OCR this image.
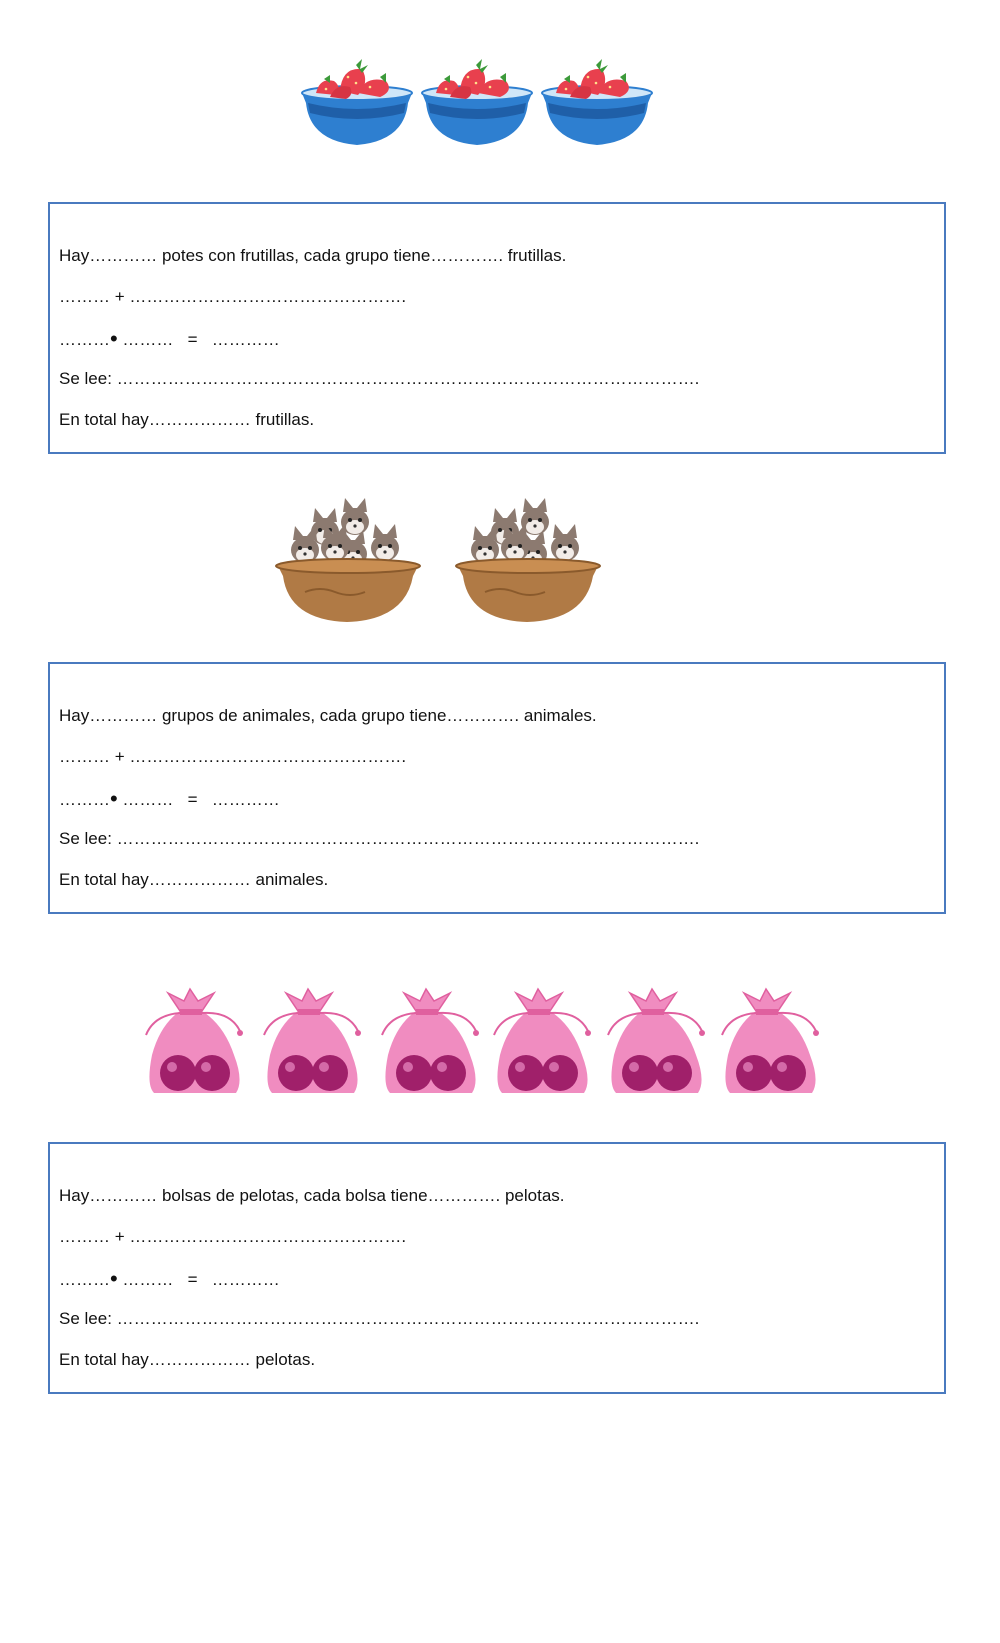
Hay………… potes con frutillas, cada grupo tiene…………. frutillas.
……… + ………………………………………….
………• ………   =   …………
Se lee: ………………………………………………………………………………………….
En total hay……………… frutillas.
Hay………… grupos de animales, cada grupo tiene…………. animales.
……… + ………………………………………….
………• ………   =   …………
Se lee: ………………………………………………………………………………………….
En total hay……………… animales.
Hay………… bolsas de pelotas, cada bolsa tiene…………. pelotas.
……… + ………………………………………….
………• ………   =   …………
Se lee: ………………………………………………………………………………………….
En total hay……………… pelotas.
